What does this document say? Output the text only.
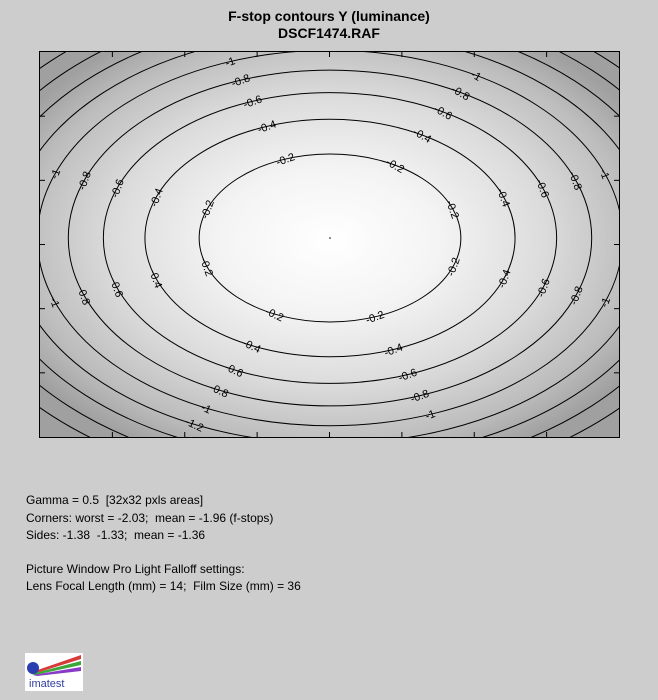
F-stop contours Y (luminance)
DSCF1474.RAF
-0.2
-0.2	-0.2
-0.2
-0.2
-0.2
-0.2
-0.2
-0.4
-0.4	-0.4
-0.4
-0.4
-0.4
-0.4
-0.4
-0.6
-0.6
-0.6
-0.6
-0.6
-0.6
-0.6
-0.6
-0.8
-0.8
-0.8
-0.8
-0.8
-0.8
-0.8
-0.8
-1
-1
-1
-1
-1
-1
-1
-1
-1.2
Gamma = 0.5  [32x32 pxls areas]
Corners: worst = -2.03;  mean = -1.96 (f-stops)
Sides: -1.38  -1.33;  mean = -1.36
Picture Window Pro Light Falloff settings:
Lens Focal Length (mm) = 14;  Film Size (mm) = 36
imatest
